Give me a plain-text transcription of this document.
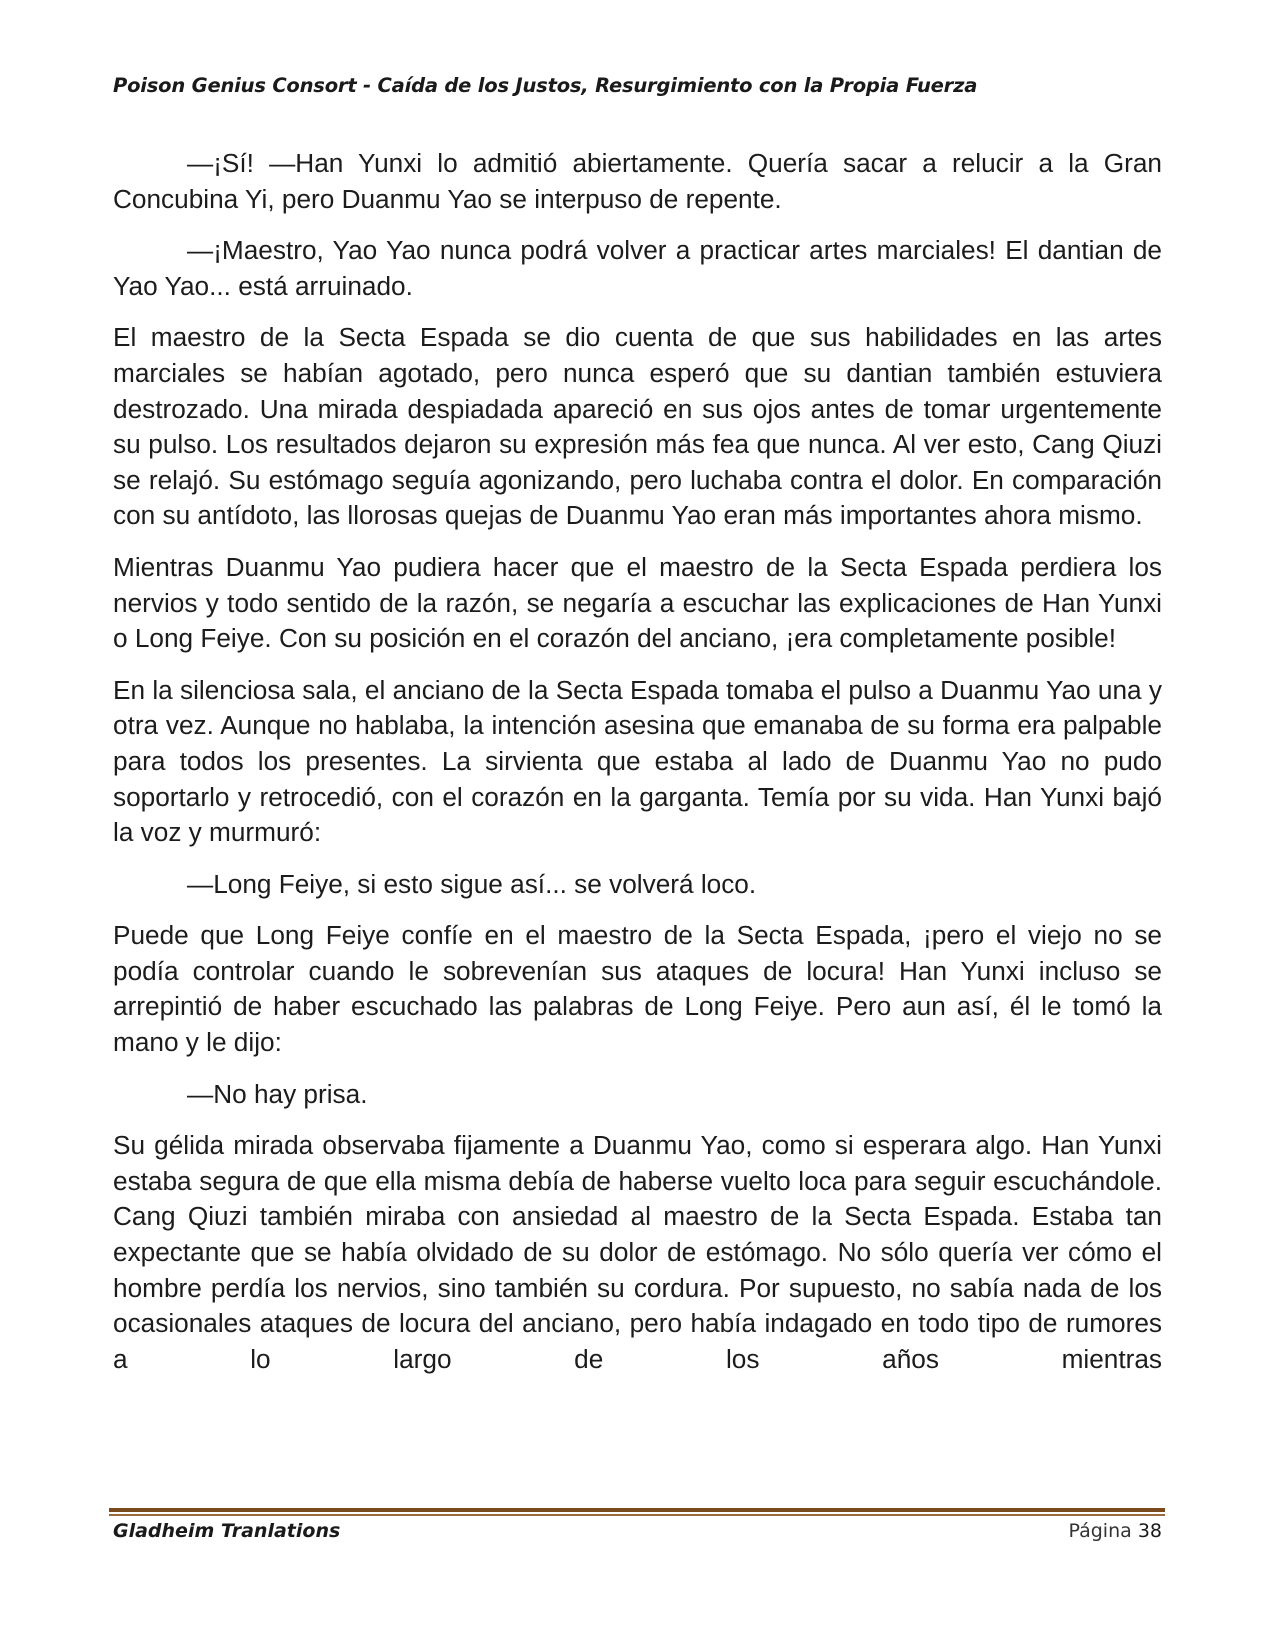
Poison Genius Consort - Caída de los Justos, Resurgimiento con la Propia Fuerza

—¡Sí! —Han Yunxi lo admitió abiertamente. Quería sacar a relucir a la Gran Concubina Yi, pero Duanmu Yao se interpuso de repente.

—¡Maestro, Yao Yao nunca podrá volver a practicar artes marciales! El dantian de Yao Yao... está arruinado.

El maestro de la Secta Espada se dio cuenta de que sus habilidades en las artes marciales se habían agotado, pero nunca esperó que su dantian también estuviera destrozado. Una mirada despiadada apareció en sus ojos antes de tomar urgentemente su pulso. Los resultados dejaron su expresión más fea que nunca. Al ver esto, Cang Qiuzi se relajó. Su estómago seguía agonizando, pero luchaba contra el dolor. En comparación con su antídoto, las llorosas quejas de Duanmu Yao eran más importantes ahora mismo.

Mientras Duanmu Yao pudiera hacer que el maestro de la Secta Espada perdiera los nervios y todo sentido de la razón, se negaría a escuchar las explicaciones de Han Yunxi o Long Feiye. Con su posición en el corazón del anciano, ¡era completamente posible!

En la silenciosa sala, el anciano de la Secta Espada tomaba el pulso a Duanmu Yao una y otra vez. Aunque no hablaba, la intención asesina que emanaba de su forma era palpable para todos los presentes. La sirvienta que estaba al lado de Duanmu Yao no pudo soportarlo y retrocedió, con el corazón en la garganta. Temía por su vida. Han Yunxi bajó la voz y murmuró:

—Long Feiye, si esto sigue así... se volverá loco.

Puede que Long Feiye confíe en el maestro de la Secta Espada, ¡pero el viejo no se podía controlar cuando le sobrevenían sus ataques de locura! Han Yunxi incluso se arrepintió de haber escuchado las palabras de Long Feiye. Pero aun así, él le tomó la mano y le dijo:

—No hay prisa.

Su gélida mirada observaba fijamente a Duanmu Yao, como si esperara algo. Han Yunxi estaba segura de que ella misma debía de haberse vuelto loca para seguir escuchándole. Cang Qiuzi también miraba con ansiedad al maestro de la Secta Espada. Estaba tan expectante que se había olvidado de su dolor de estómago. No sólo quería ver cómo el hombre perdía los nervios, sino también su cordura. Por supuesto, no sabía nada de los ocasionales ataques de locura del anciano, pero había indagado en todo tipo de rumores a lo largo de los años mientras

Gladheim Tranlations	Página 38
